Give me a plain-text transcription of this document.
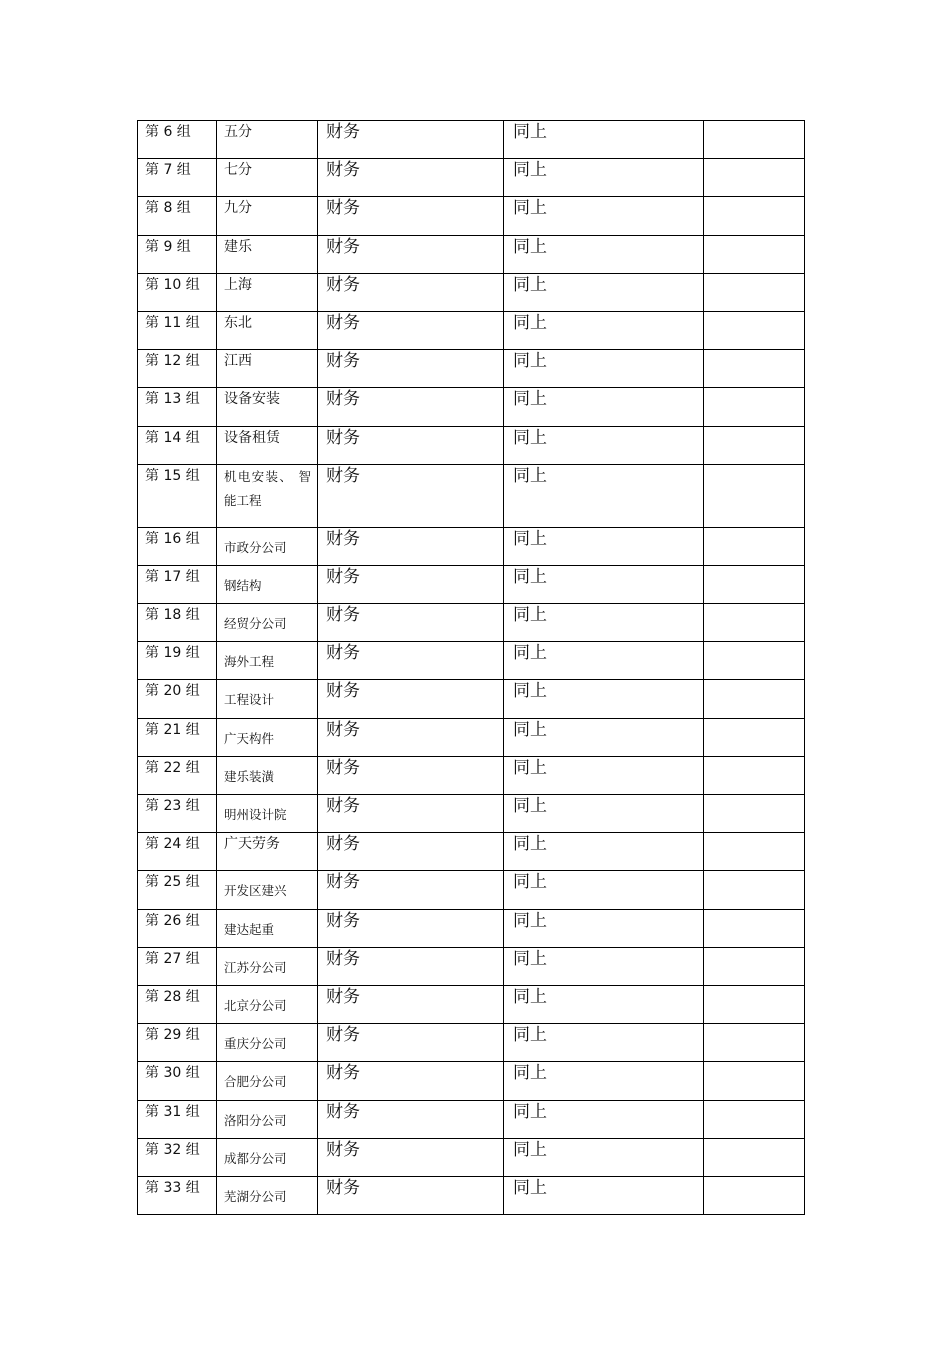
第 6 组	五分	财务	同上	

第 7 组	七分	财务	同上	

第 8 组	九分	财务	同上	

第 9 组	建乐	财务	同上	

第 10 组	上海	财务	同上	

第 11 组	东北	财务	同上	

第 12 组	江西	财务	同上	

第 13 组	设备安装	财务	同上	

第 14 组	设备租赁	财务	同上	

第 15 组	机电安装、 智能工程	财务	同上	

第 16 组	市政分公司	财务	同上	

第 17 组	钢结构	财务	同上	

第 18 组	经贸分公司	财务	同上	

第 19 组	海外工程	财务	同上	

第 20 组	工程设计	财务	同上	

第 21 组	广天构件	财务	同上	

第 22 组	建乐装潢	财务	同上	

第 23 组	明州设计院	财务	同上	

第 24 组	广天劳务	财务	同上	

第 25 组	开发区建兴	财务	同上	

第 26 组	建达起重	财务	同上	

第 27 组	江苏分公司	财务	同上	

第 28 组	北京分公司	财务	同上	

第 29 组	重庆分公司	财务	同上	

第 30 组	合肥分公司	财务	同上	

第 31 组	洛阳分公司	财务	同上	

第 32 组	成都分公司	财务	同上	

第 33 组	芜湖分公司	财务	同上	
